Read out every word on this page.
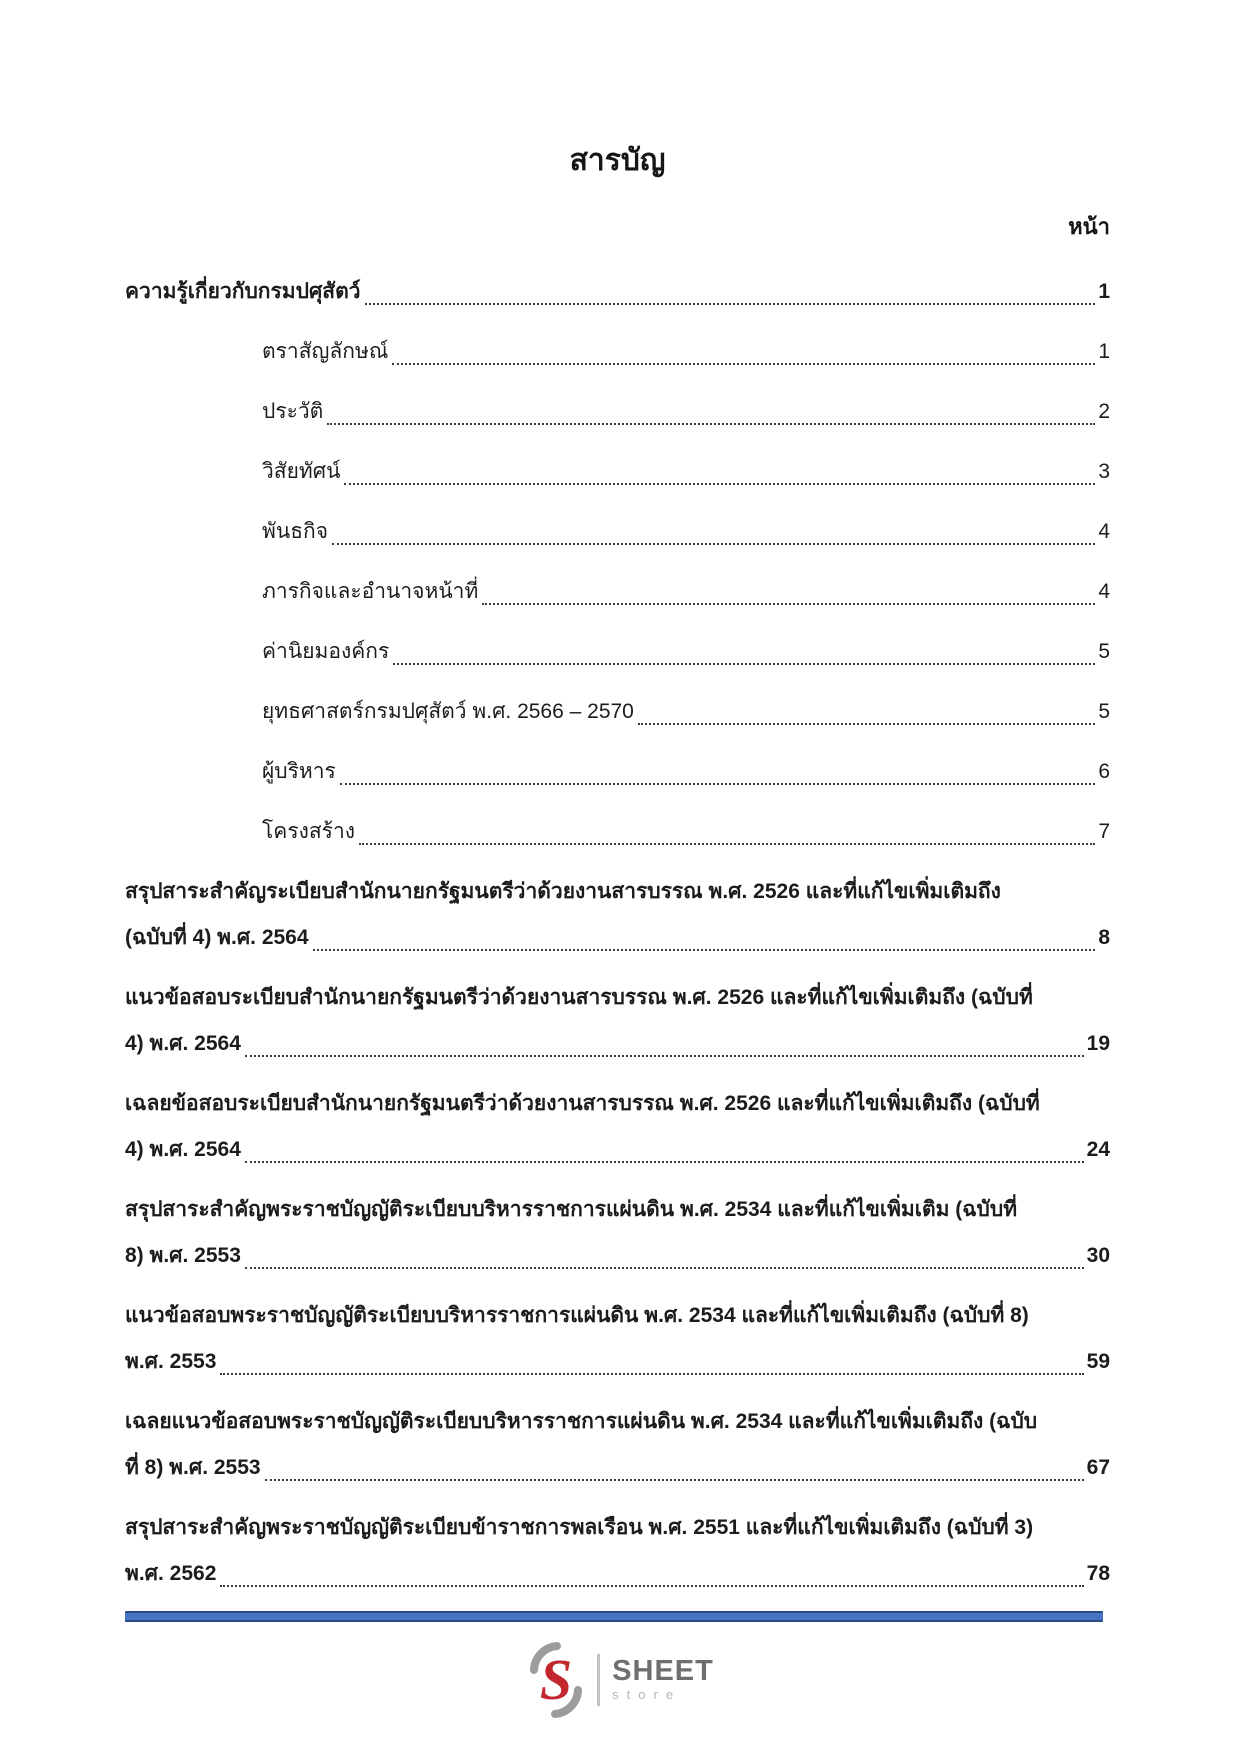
สารบัญ
หน้า
ความรู้เกี่ยวกับกรมปศุสัตว์	1
ตราสัญลักษณ์	1
ประวัติ	2
วิสัยทัศน์	3
พันธกิจ	4
ภารกิจและอำนาจหน้าที่	4
ค่านิยมองค์กร	5
ยุทธศาสตร์กรมปศุสัตว์ พ.ศ. 2566 – 2570	5
ผู้บริหาร	6
โครงสร้าง	7
สรุปสาระสำคัญระเบียบสำนักนายกรัฐมนตรีว่าด้วยงานสารบรรณ พ.ศ. 2526 และที่แก้ไขเพิ่มเติมถึง
(ฉบับที่ 4) พ.ศ. 2564	8
แนวข้อสอบระเบียบสำนักนายกรัฐมนตรีว่าด้วยงานสารบรรณ พ.ศ. 2526 และที่แก้ไขเพิ่มเติมถึง (ฉบับที่
4) พ.ศ. 2564	19
เฉลยข้อสอบระเบียบสำนักนายกรัฐมนตรีว่าด้วยงานสารบรรณ พ.ศ. 2526 และที่แก้ไขเพิ่มเติมถึง (ฉบับที่
4) พ.ศ. 2564	24
สรุปสาระสำคัญพระราชบัญญัติระเบียบบริหารราชการแผ่นดิน พ.ศ. 2534 และที่แก้ไขเพิ่มเติม (ฉบับที่
8) พ.ศ. 2553	30
แนวข้อสอบพระราชบัญญัติระเบียบบริหารราชการแผ่นดิน พ.ศ. 2534 และที่แก้ไขเพิ่มเติมถึง (ฉบับที่ 8)
พ.ศ. 2553	59
เฉลยแนวข้อสอบพระราชบัญญัติระเบียบบริหารราชการแผ่นดิน พ.ศ. 2534 และที่แก้ไขเพิ่มเติมถึง (ฉบับ
ที่ 8) พ.ศ. 2553	67
สรุปสาระสำคัญพระราชบัญญัติระเบียบข้าราชการพลเรือน พ.ศ. 2551 และที่แก้ไขเพิ่มเติมถึง (ฉบับที่ 3)
พ.ศ. 2562	78
S SHEET
store
